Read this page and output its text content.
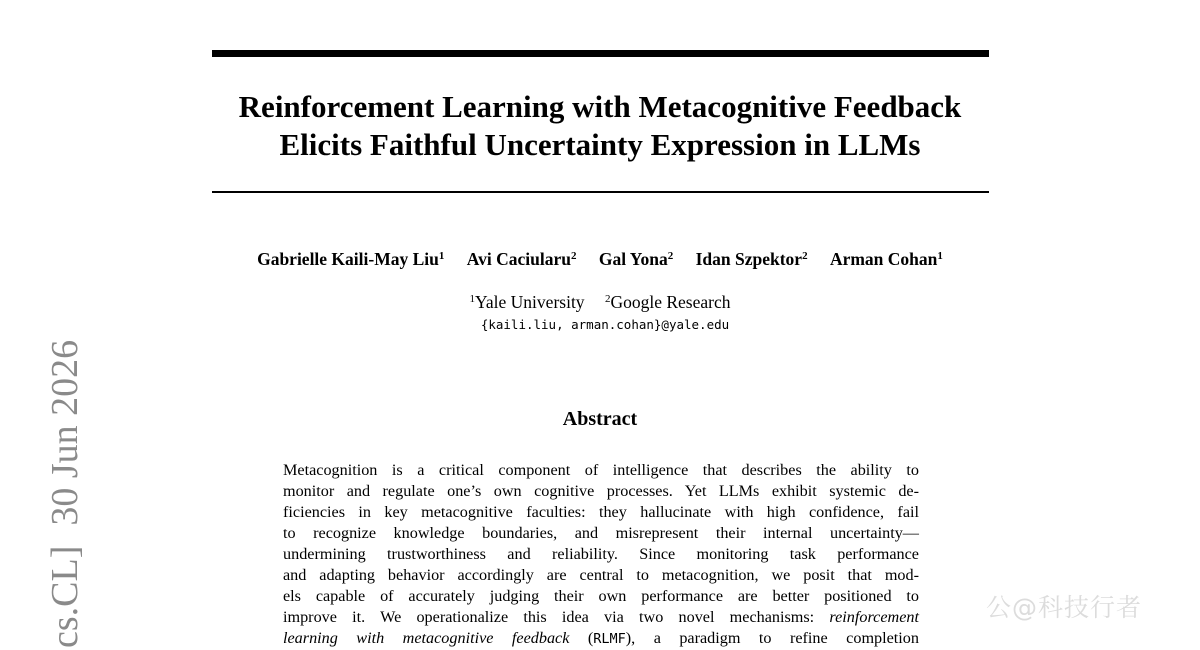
Reinforcement Learning with Metacognitive Feedback
Elicits Faithful Uncertainty Expression in LLMs
Gabrielle Kaili-May Liu$^1$ Avi Caciularu$^2$ Gal Yona$^2$ Idan Szpektor$^2$ Arman Cohan$^1$
$^1$Yale University $^2$Google Research
{kaili.liu, arman.cohan}@yale.edu
Abstract
Metacognition is a critical component of intelligence that describes the ability to
monitor and regulate one’s own cognitive processes. Yet LLMs exhibit systemic de-
ficiencies in key metacognitive faculties: they hallucinate with high confidence, fail
to recognize knowledge boundaries, and misrepresent their internal uncertainty—
undermining trustworthiness and reliability. Since monitoring task performance
and adapting behavior accordingly are central to metacognition, we posit that mod-
els capable of accurately judging their own performance are better positioned to
improve it. We operationalize this idea via two novel mechanisms: reinforcement
learning with metacognitive feedback (RLMF), a paradigm to refine completion
cs.CL]30 Jun 2026
公@科技行者
